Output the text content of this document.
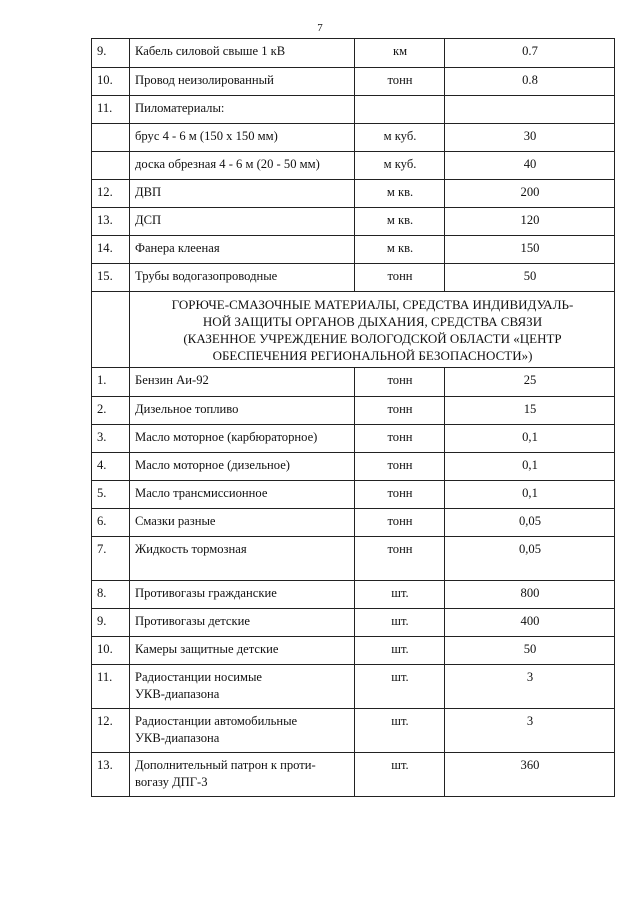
7
9.	Кабель силовой свыше 1 кВ	км	0.7
10.	Провод неизолированный	тонн	0.8
11.	Пиломатериалы:		
	брус 4 - 6 м (150 х 150 мм)	м куб.	30
	доска обрезная 4 - 6 м (20 - 50 мм)	м куб.	40
12.	ДВП	м кв.	200
13.	ДСП	м кв.	120
14.	Фанера клееная	м кв.	150
15.	Трубы водогазопроводные	тонн	50

	ГОРЮЧЕ-СМАЗОЧНЫЕ МАТЕРИАЛЫ, СРЕДСТВА ИНДИВИДУАЛЬ-
НОЙ ЗАЩИТЫ ОРГАНОВ ДЫХАНИЯ, СРЕДСТВА СВЯЗИ
(КАЗЕННОЕ УЧРЕЖДЕНИЕ ВОЛОГОДСКОЙ ОБЛАСТИ «ЦЕНТР
ОБЕСПЕЧЕНИЯ РЕГИОНАЛЬНОЙ БЕЗОПАСНОСТИ»)		

1.	Бензин Аи-92	тонн	25
2.	Дизельное топливо	тонн	15
3.	Масло моторное (карбюраторное)	тонн	0,1
4.	Масло моторное (дизельное)	тонн	0,1
5.	Масло трансмиссионное	тонн	0,1
6.	Смазки разные	тонн	0,05
7.	Жидкость тормозная	тонн	0,05
8.	Противогазы гражданские	шт.	800
9.	Противогазы детские	шт.	400
10.	Камеры защитные детские	шт.	50
11.	Радиостанции носимые
УКВ-диапазона	шт.	3
12.	Радиостанции автомобильные
УКВ-диапазона	шт.	3
13.	Дополнительный патрон к проти-
вогазу ДПГ-3	шт.	360
